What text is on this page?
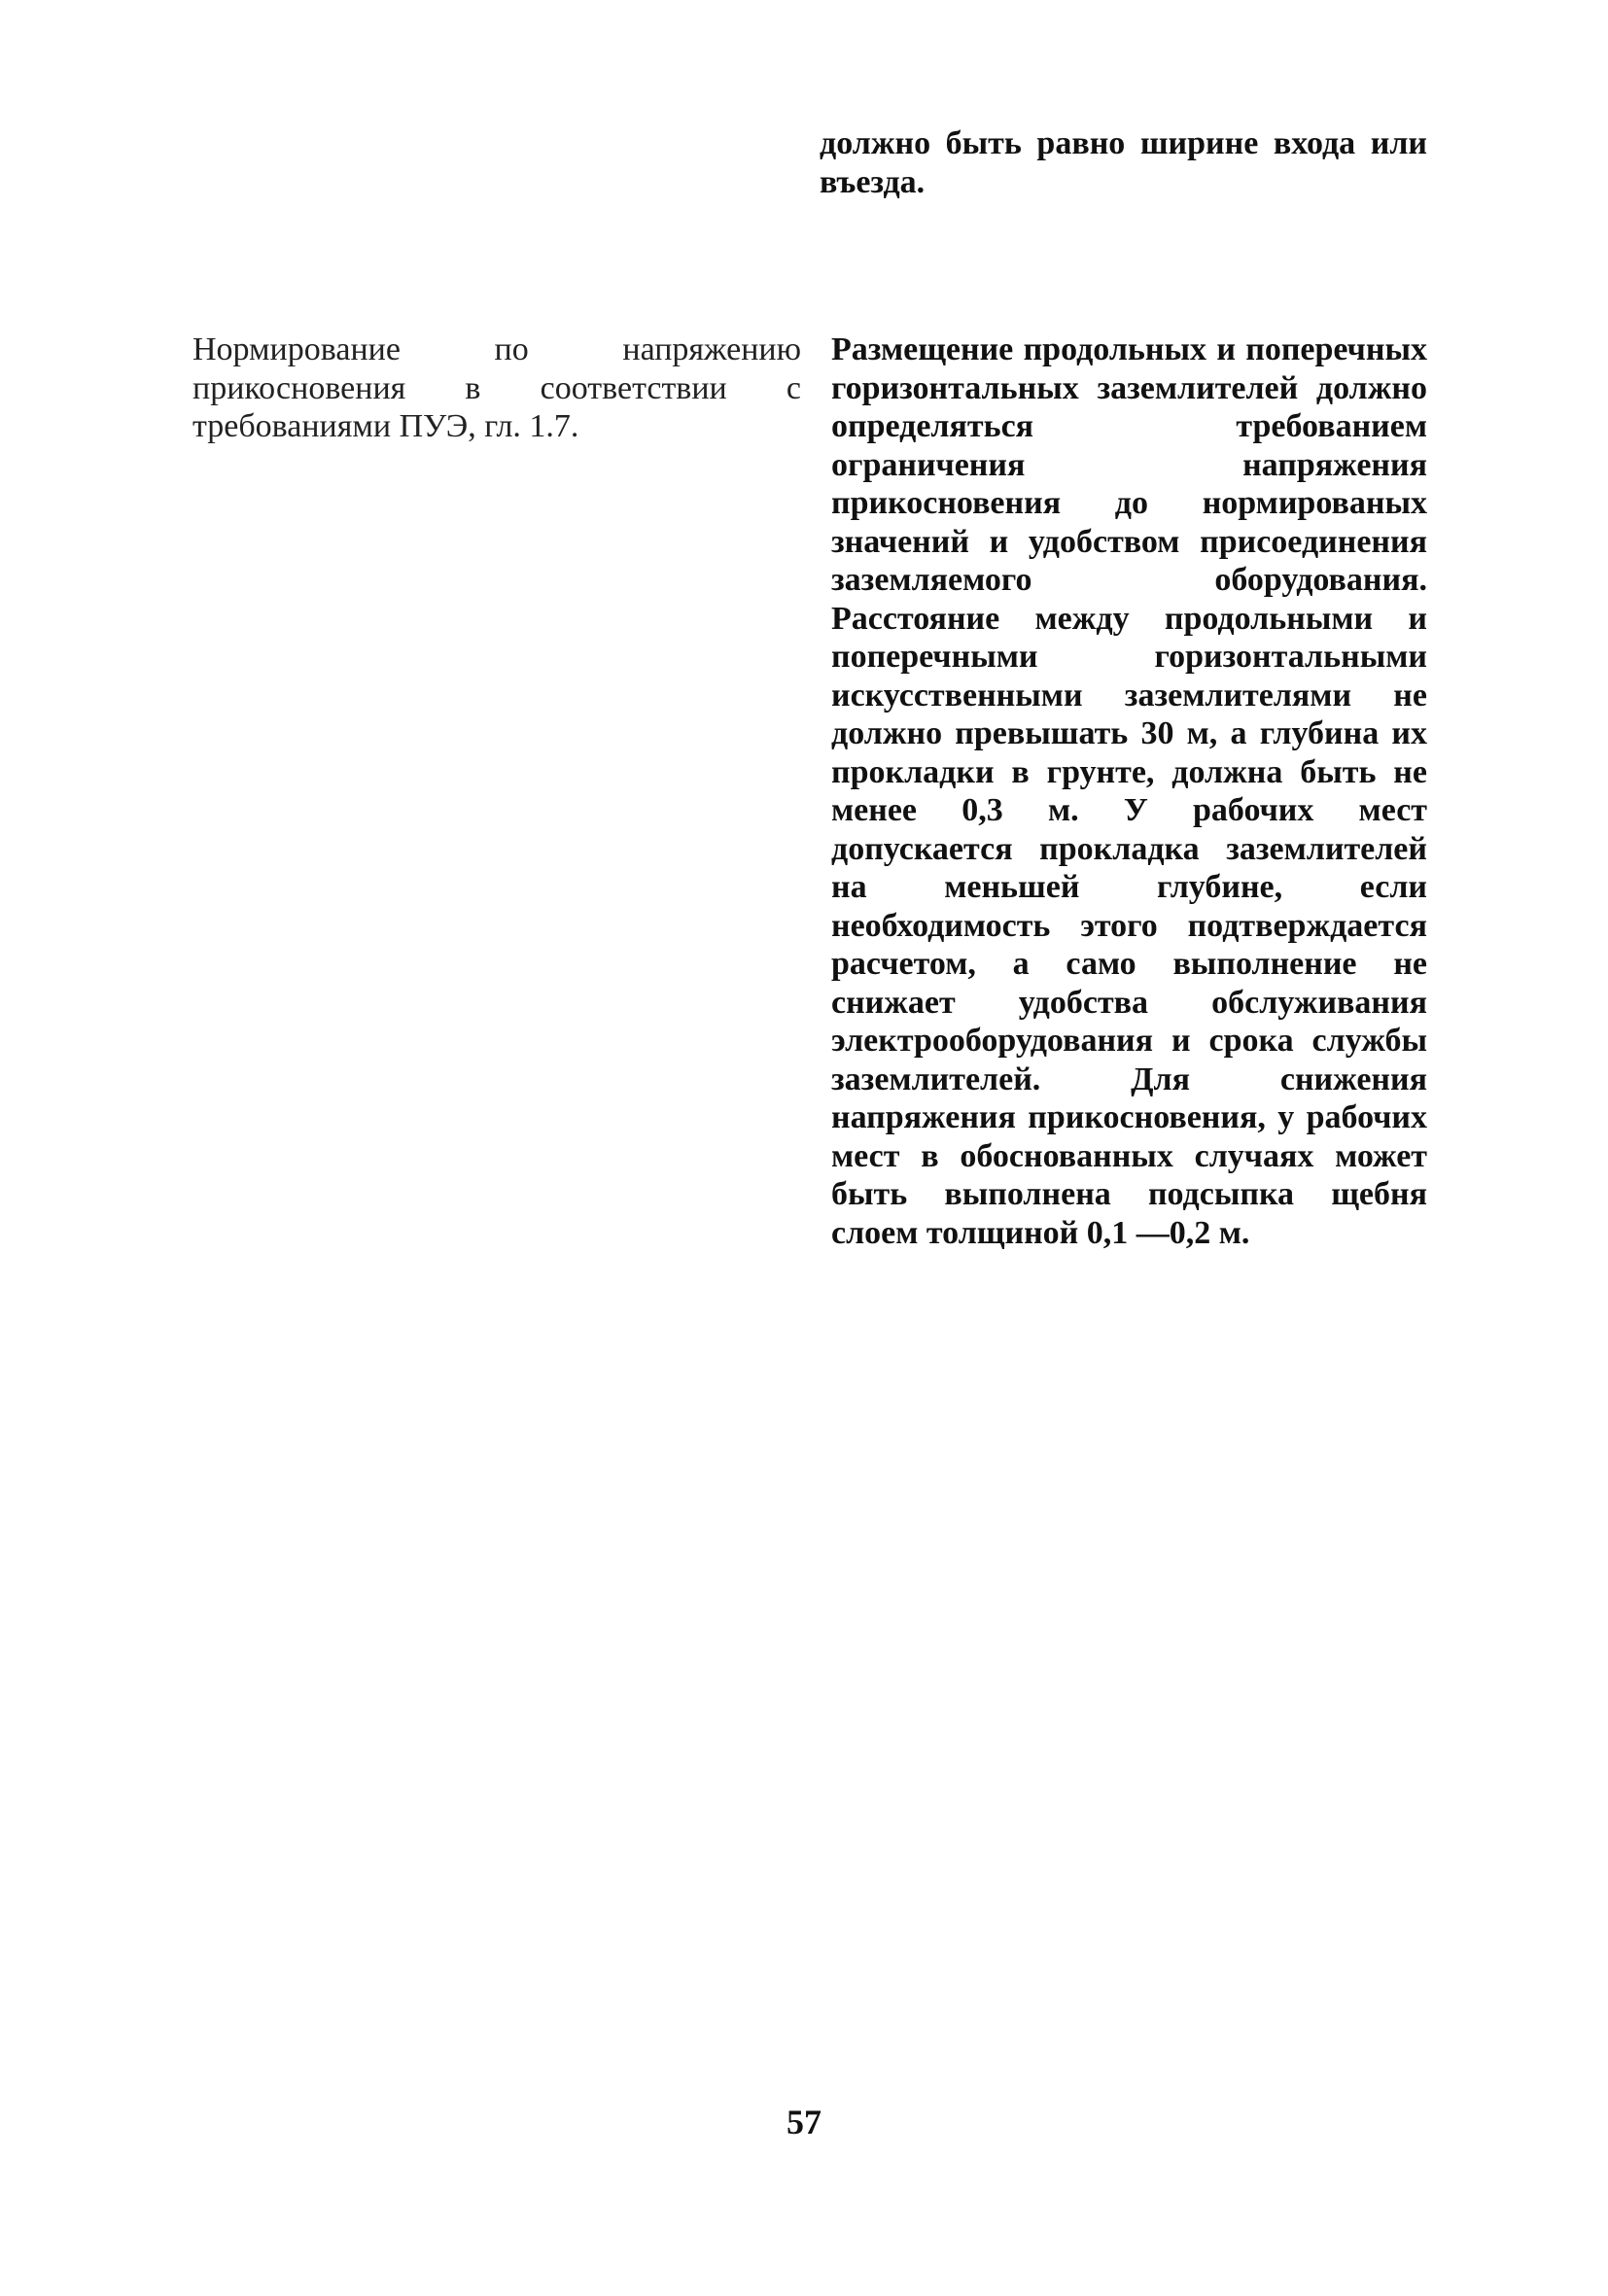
должно быть равно ширине входа или въезда.

Нормирование по напряжению прикосновения в соответствии с требованиями ПУЭ, гл. 1.7.

Размещение продольных и поперечных горизонтальных заземлителей должно определяться требованием ограничения напряжения прикосновения до нормированых значений и удобством присоединения заземляемого оборудования. Расстояние между продольными и поперечными горизонтальными искусственными заземлителями не должно превышать 30 м, а глубина их прокладки в грунте, должна быть не менее 0,3 м. У рабочих мест допускается прокладка заземлителей на меньшей глубине, если необходимость этого подтверждается расчетом, а само выполнение не снижает удобства обслуживания электрооборудования и срока службы заземлителей. Для снижения напряжения прикосновения, у рабочих мест в обоснованных случаях может быть выполнена подсыпка щебня слоем толщиной 0,1 —0,2 м.

57
